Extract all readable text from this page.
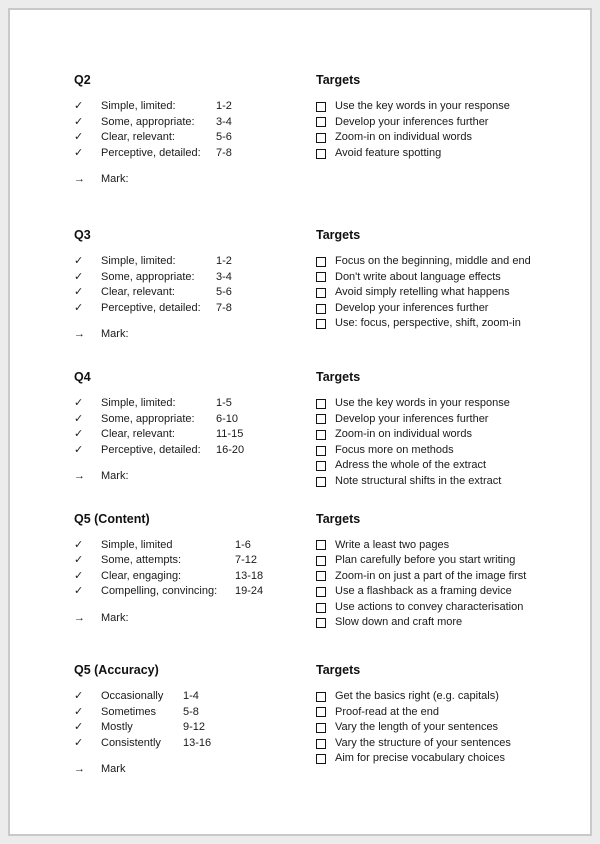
Q2
✓	Simple, limited:	1-2
✓	Some, appropriate:	3-4
✓	Clear, relevant:	5-6
✓	Perceptive, detailed:	7-8
→	Mark:
Targets
Use the key words in your response
Develop your inferences further
Zoom-in on individual words
Avoid feature spotting
Q3
✓	Simple, limited:	1-2
✓	Some, appropriate:	3-4
✓	Clear, relevant:	5-6
✓	Perceptive, detailed:	7-8
→	Mark:
Targets
Focus on the beginning, middle and end
Don't write about language effects
Avoid simply retelling what happens
Develop your inferences further
Use: focus, perspective, shift, zoom-in
Q4
✓	Simple, limited:	1-5
✓	Some, appropriate:	6-10
✓	Clear, relevant:	11-15
✓	Perceptive, detailed:	16-20
→	Mark:
Targets
Use the key words in your response
Develop your inferences further
Zoom-in on individual words
Focus more on methods
Adress the whole of the extract
Note structural shifts in the extract
Q5 (Content)
✓	Simple, limited	1-6
✓	Some, attempts:	7-12
✓	Clear, engaging:	13-18
✓	Compelling, convincing:	19-24
→	Mark:
Targets
Write a least two pages
Plan carefully before you start writing
Zoom-in on just a part of the image first
Use a flashback as a framing device
Use actions to convey characterisation
Slow down and craft more
Q5 (Accuracy)
✓	Occasionally	1-4
✓	Sometimes	5-8
✓	Mostly	9-12
✓	Consistently	13-16
→	Mark
Targets
Get the basics right (e.g. capitals)
Proof-read at the end
Vary the length of your sentences
Vary the structure of your sentences
Aim for precise vocabulary choices
